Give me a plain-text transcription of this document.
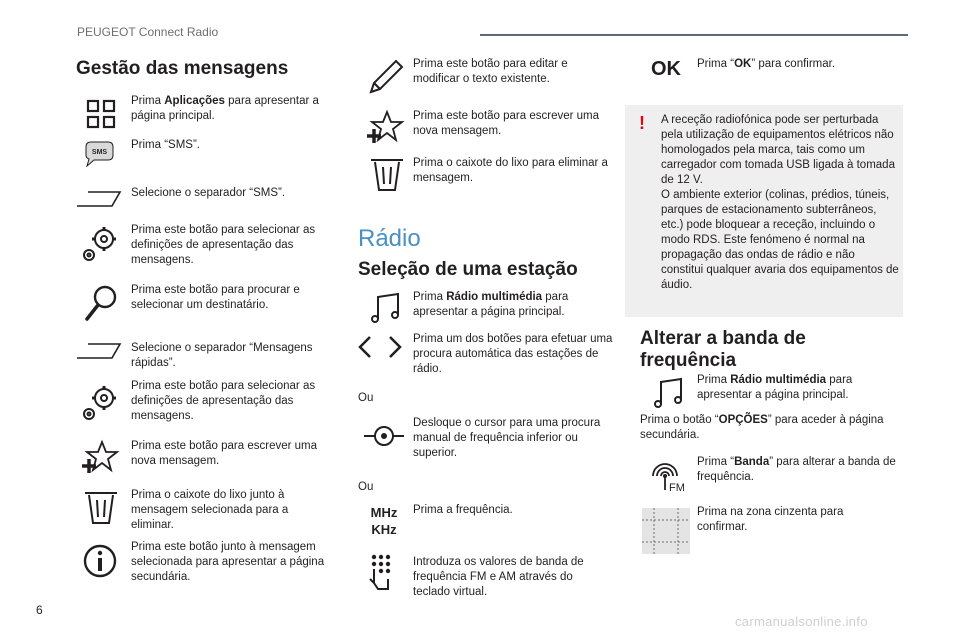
PEUGEOT Connect Radio
Gestão das mensagens
Prima Aplicações para apresentar a página principal.
SMS
Prima “SMS”.
Selecione o separador “SMS”.
Prima este botão para selecionar as definições de apresentação das mensagens.
Prima este botão para procurar e selecionar um destinatário.
Selecione o separador “Mensagens rápidas”.
Prima este botão para selecionar as definições de apresentação das mensagens.
Prima este botão para escrever uma nova mensagem.
Prima o caixote do lixo junto à mensagem selecionada para a eliminar.
Prima este botão junto à mensagem selecionada para apresentar a página secundária.
Prima este botão para editar e modificar o texto existente.
Prima este botão para escrever uma nova mensagem.
Prima o caixote do lixo para eliminar a mensagem.
Rádio
Seleção de uma estação
Prima Rádio multimédia para apresentar a página principal.
Prima um dos botões para efetuar uma procura automática das estações de rádio.
Ou
Desloque o cursor para uma procura manual de frequência inferior ou superior.
Ou
MHz
KHz
Prima a frequência.
Introduza os valores de banda de frequência FM e AM através do teclado virtual.
OK Prima “OK” para confirmar.
! A receção radiofónica pode ser perturbada pela utilização de equipamentos elétricos não homologados pela marca, tais como um carregador com tomada USB ligada à tomada de 12 V.
O ambiente exterior (colinas, prédios, túneis, parques de estacionamento subterrâneos, etc.) pode bloquear a receção, incluindo o modo RDS. Este fenómeno é normal na propagação das ondas de rádio e não constitui qualquer avaria dos equipamentos de áudio.
Alterar a banda de frequência
Prima Rádio multimédia para apresentar a página principal.
Prima o botão “OPÇÕES” para aceder à página secundária.
FM
Prima “Banda” para alterar a banda de frequência.
Prima na zona cinzenta para confirmar.
6
carmanualsonline.info
